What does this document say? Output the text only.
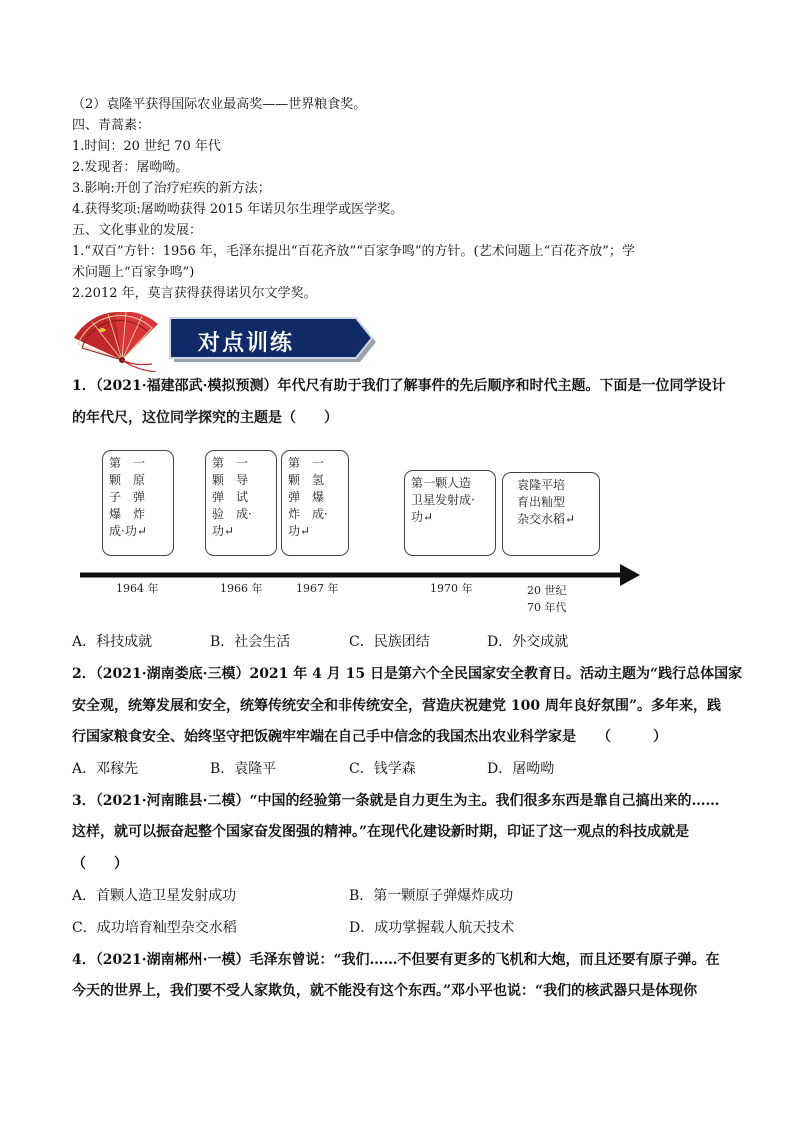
（2）袁隆平获得国际农业最高奖——世界粮食奖。
四、青蒿素：
1.时间：20 世纪 70 年代
2.发现者：屠呦呦。
3.影响:开创了治疗疟疾的新方法；
4.获得奖项:屠呦呦获得 2015 年诺贝尔生理学或医学奖。
五、文化事业的发展：
1.“双百”方针：1956 年，毛泽东提出“百花齐放”“百家争鸣”的方针。(艺术问题上“百花齐放”；学
术问题上“百家争鸣”)
2.2012 年，莫言获得获得诺贝尔文学奖。
对点训练
1．（2021·福建邵武·模拟预测）年代尺有助于我们了解事件的先后顺序和时代主题。下面是一位同学设计
的年代尺，这位同学探究的主题是（　　）
第　一
颗　原
子　弹
爆　炸
成·功↵
第　一
颗　导
弹　试
验　成·
功↵
第　一
颗　氢
弹　爆
炸　成·
功↵
第一颗人造
卫星发射成·
功↵
袁隆平培
育出籼型
杂交水稻↵
1964 年	1966 年	1967 年	1970 年	20 世纪
70 年代
A．科技成就	B．社会生活	C．民族团结	D．外交成就
2．（2021·湖南娄底·三模）2021 年 4 月 15 日是第六个全民国家安全教育日。活动主题为“践行总体国家
安全观，统筹发展和安全，统筹传统安全和非传统安全，营造庆祝建党 100 周年良好氛围”。多年来，践
行国家粮食安全、始终坚守把饭碗牢牢端在自己手中信念的我国杰出农业科学家是　　（　　　）
A．邓稼先	B．袁隆平	C．钱学森	D．屠呦呦
3．（2021·河南睢县·二模）“中国的经验第一条就是自力更生为主。我们很多东西是靠自己搞出来的……
这样，就可以振奋起整个国家奋发图强的精神。”在现代化建设新时期，印证了这一观点的科技成就是
（　　）
A．首颗人造卫星发射成功	B．第一颗原子弹爆炸成功
C．成功培育籼型杂交水稻	D．成功掌握载人航天技术
4．（2021·湖南郴州·一模）毛泽东曾说：“我们……不但要有更多的飞机和大炮，而且还要有原子弹。在
今天的世界上，我们要不受人家欺负，就不能没有这个东西。”邓小平也说：“我们的核武器只是体现你
